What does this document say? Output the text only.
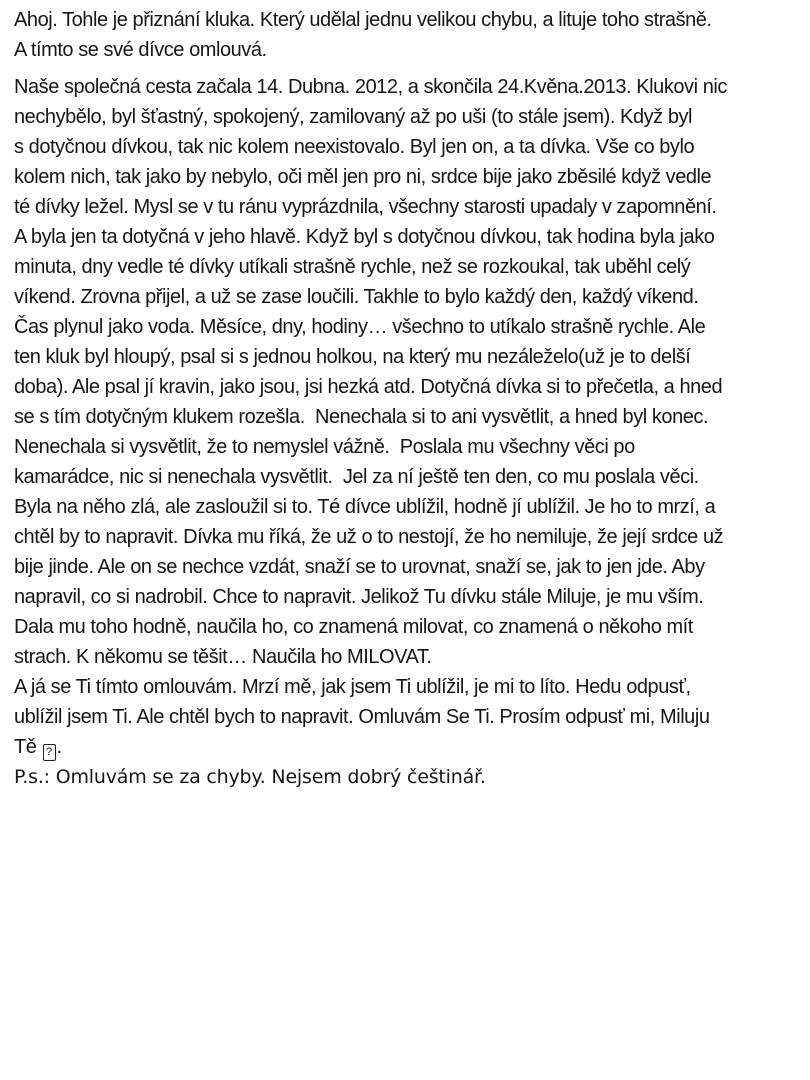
Ahoj. Tohle je přiznání kluka. Který udělal jednu velikou chybu, a lituje toho strašně.
A tímto se své dívce omlouvá.
Naše společná cesta začala 14. Dubna. 2012, a skončila 24.Kvěna.2013. Klukovi nic
nechybělo, byl šťastný, spokojený, zamilovaný až po uši (to stále jsem). Když byl
s dotyčnou dívkou, tak nic kolem neexistovalo. Byl jen on, a ta dívka. Vše co bylo
kolem nich, tak jako by nebylo, oči měl jen pro ni, srdce bije jako zběsilé když vedle
té dívky ležel. Mysl se v tu ránu vyprázdnila, všechny starosti upadaly v zapomnění.
A byla jen ta dotyčná v jeho hlavě. Když byl s dotyčnou dívkou, tak hodina byla jako
minuta, dny vedle té dívky utíkali strašně rychle, než se rozkoukal, tak uběhl celý
víkend. Zrovna přijel, a už se zase loučili. Takhle to bylo každý den, každý víkend.
Čas plynul jako voda. Měsíce, dny, hodiny… všechno to utíkalo strašně rychle. Ale
ten kluk byl hloupý, psal si s jednou holkou, na který mu nezáleželo(už je to delší
doba). Ale psal jí kravin, jako jsou, jsi hezká atd. Dotyčná dívka si to přečetla, a hned
se s tím dotyčným klukem rozešla.  Nenechala si to ani vysvětlit, a hned byl konec.
Nenechala si vysvětlit, že to nemyslel vážně.  Poslala mu všechny věci po
kamarádce, nic si nenechala vysvětlit.  Jel za ní ještě ten den, co mu poslala věci.
Byla na něho zlá, ale zasloužil si to. Té dívce ublížil, hodně jí ublížil. Je ho to mrzí, a
chtěl by to napravit. Dívka mu říká, že už o to nestojí, že ho nemiluje, že její srdce už
bije jinde. Ale on se nechce vzdát, snaží se to urovnat, snaží se, jak to jen jde. Aby
napravil, co si nadrobil. Chce to napravit. Jelikož Tu dívku stále Miluje, je mu vším.
Dala mu toho hodně, naučila ho, co znamená milovat, co znamená o někoho mít
strach. K někomu se těšit… Naučila ho MILOVAT.
A já se Ti tímto omlouvám. Mrzí mě, jak jsem Ti ublížil, je mi to líto. Hedu odpusť,
ublížil jsem Ti. Ale chtěl bych to napravit. Omluvám Se Ti. Prosím odpusť mi, Miluju
Tě ? .
P.s.: Omluvám se za chyby. Nejsem dobrý češtinář.
